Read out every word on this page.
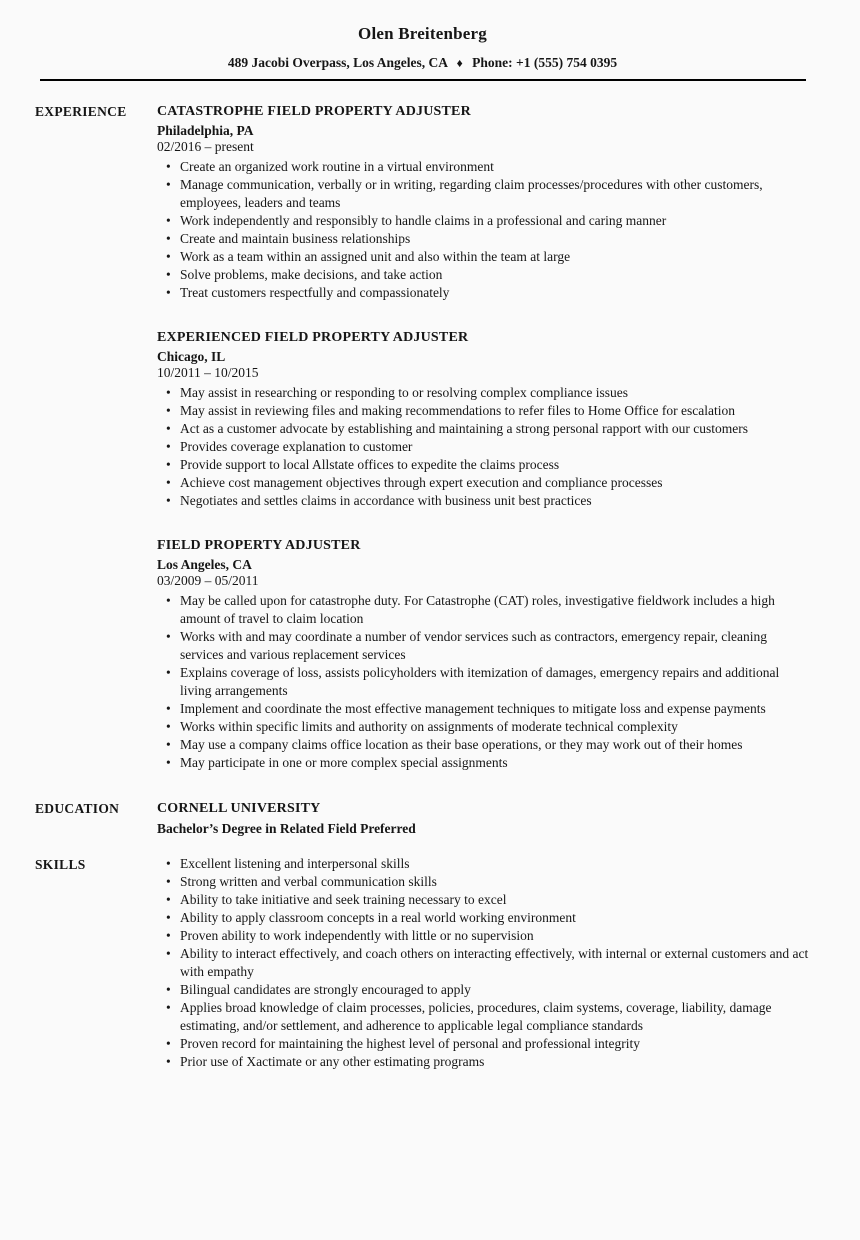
Olen Breitenberg

489 Jacobi Overpass, Los Angeles, CA ♦ Phone: +1 (555) 754 0395

EXPERIENCE	CATASTROPHE FIELD PROPERTY ADJUSTER
Philadelphia, PA
02/2016 – present
• Create an organized work routine in a virtual environment
• Manage communication, verbally or in writing, regarding claim processes/procedures with other customers, employees, leaders and teams
• Work independently and responsibly to handle claims in a professional and caring manner
• Create and maintain business relationships
• Work as a team within an assigned unit and also within the team at large
• Solve problems, make decisions, and take action
• Treat customers respectfully and compassionately
EXPERIENCED FIELD PROPERTY ADJUSTER
Chicago, IL
10/2011 – 10/2015
• May assist in researching or responding to or resolving complex compliance issues
• May assist in reviewing files and making recommendations to refer files to Home Office for escalation
• Act as a customer advocate by establishing and maintaining a strong personal rapport with our customers
• Provides coverage explanation to customer
• Provide support to local Allstate offices to expedite the claims process
• Achieve cost management objectives through expert execution and compliance processes
• Negotiates and settles claims in accordance with business unit best practices
FIELD PROPERTY ADJUSTER
Los Angeles, CA
03/2009 – 05/2011
• May be called upon for catastrophe duty. For Catastrophe (CAT) roles, investigative fieldwork includes a high amount of travel to claim location
• Works with and may coordinate a number of vendor services such as contractors, emergency repair, cleaning services and various replacement services
• Explains coverage of loss, assists policyholders with itemization of damages, emergency repairs and additional living arrangements
• Implement and coordinate the most effective management techniques to mitigate loss and expense payments
• Works within specific limits and authority on assignments of moderate technical complexity
• May use a company claims office location as their base operations, or they may work out of their homes
• May participate in one or more complex special assignments
EDUCATION	CORNELL UNIVERSITY
Bachelor’s Degree in Related Field Preferred
SKILLS	• Excellent listening and interpersonal skills
• Strong written and verbal communication skills
• Ability to take initiative and seek training necessary to excel
• Ability to apply classroom concepts in a real world working environment
• Proven ability to work independently with little or no supervision
• Ability to interact effectively, and coach others on interacting effectively, with internal or external customers and act with empathy
• Bilingual candidates are strongly encouraged to apply
• Applies broad knowledge of claim processes, policies, procedures, claim systems, coverage, liability, damage estimating, and/or settlement, and adherence to applicable legal compliance standards
• Proven record for maintaining the highest level of personal and professional integrity
• Prior use of Xactimate or any other estimating programs
